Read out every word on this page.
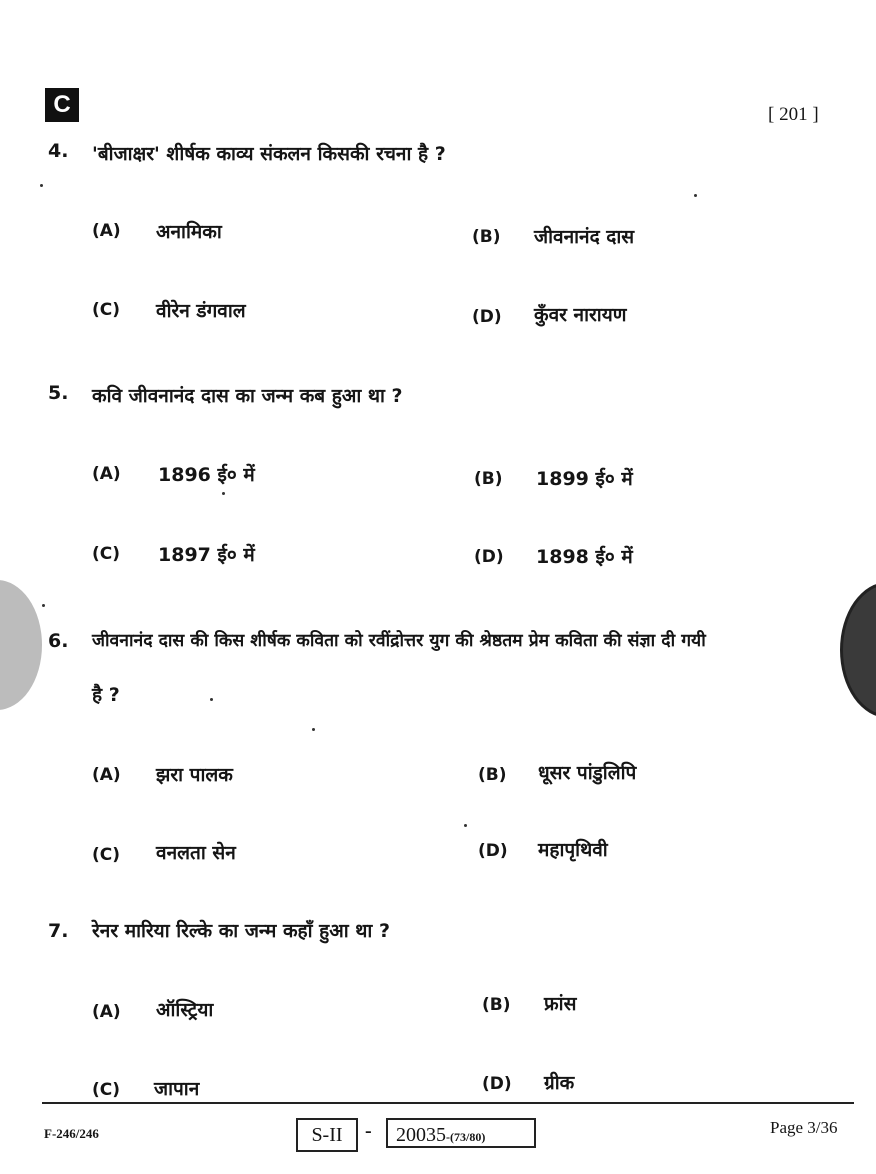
C	[ 201 ]
4. 'बीजाक्षर' शीर्षक काव्य संकलन किसकी रचना है ?
(A) अनामिका	(B) जीवनानंद दास
(C) वीरेन डंगवाल	(D) कुँवर नारायण
5. कवि जीवनानंद दास का जन्म कब हुआ था ?
(A) 1896 ई० में	(B) 1899 ई० में
(C) 1897 ई० में	(D) 1898 ई० में
6. जीवनानंद दास की किस शीर्षक कविता को रवींद्रोत्तर युग की श्रेष्ठतम प्रेम कविता की संज्ञा दी गयी
है ?
(A) झरा पालक	(B) धूसर पांडुलिपि
(C) वनलता सेन	(D) महापृथिवी
7. रेनर मारिया रिल्के का जन्म कहाँ हुआ था ?
(A) ऑस्ट्रिया	(B) फ्रांस
(C) जापान	(D) ग्रीक
F-246/246	S-II	-	20035-(73/80)	Page 3/36
